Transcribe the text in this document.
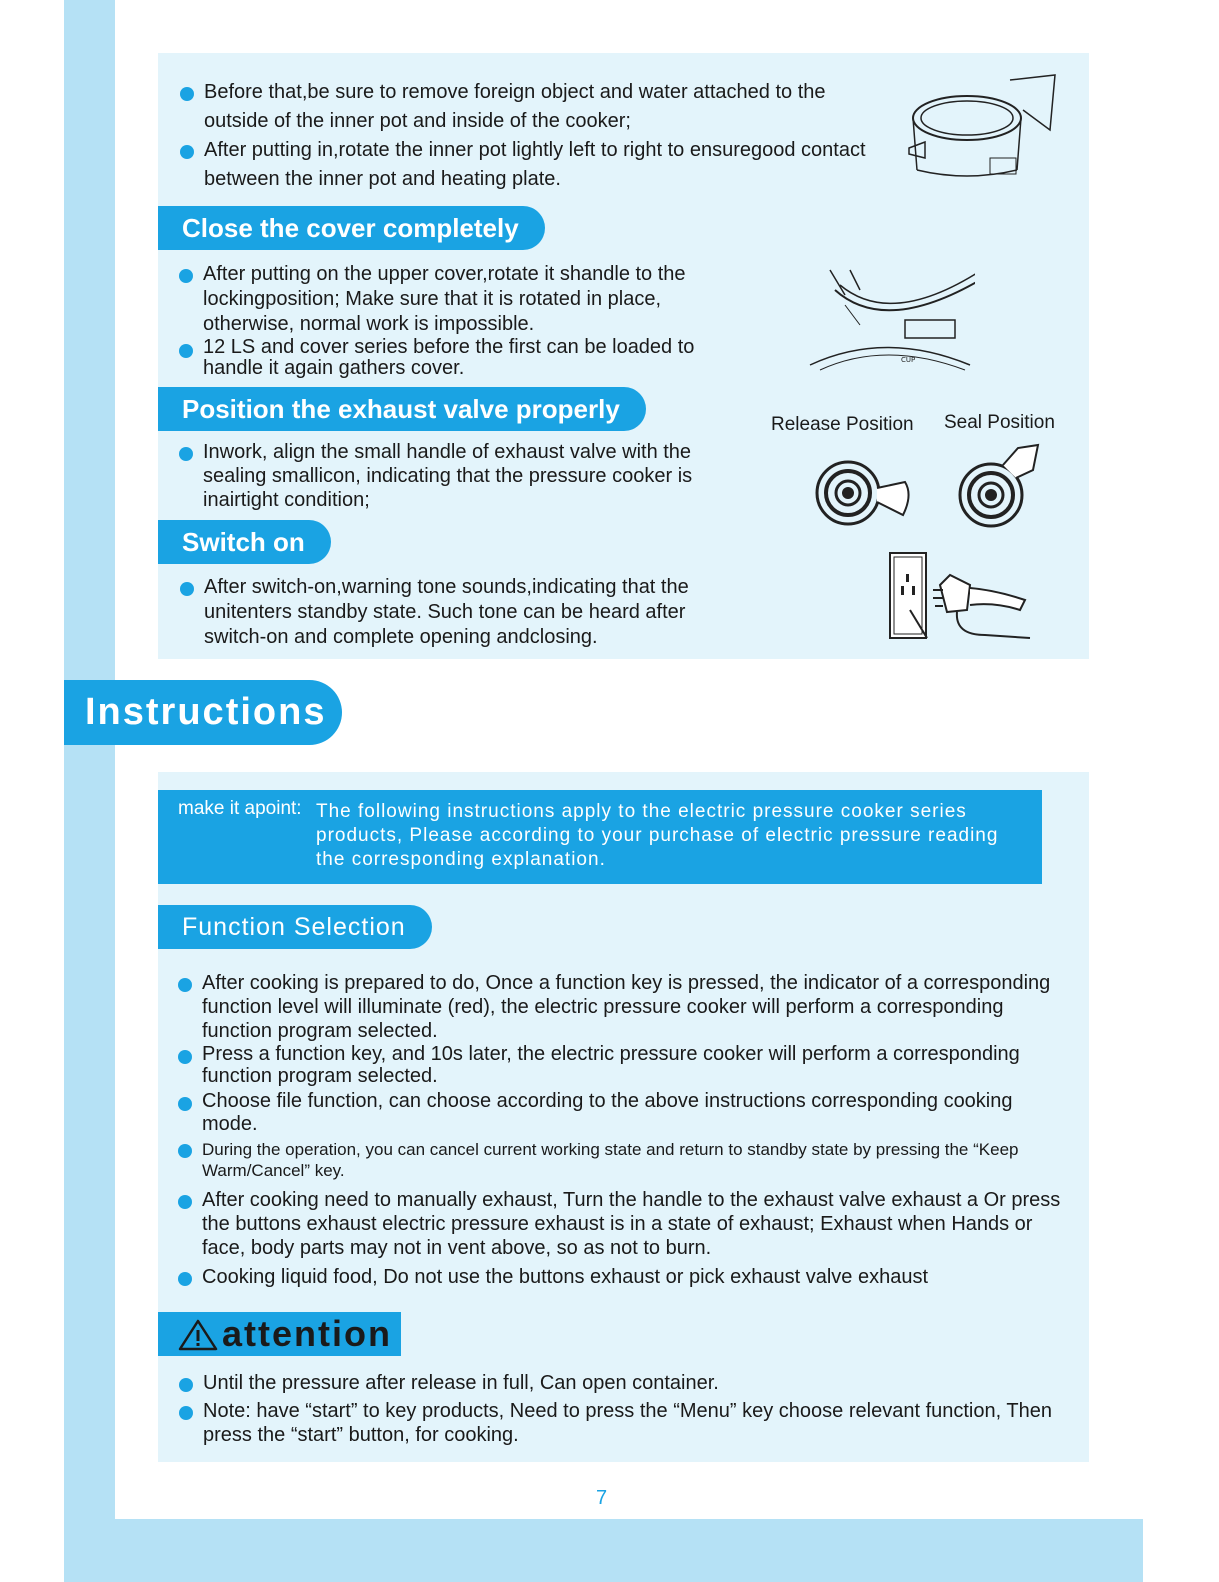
Before that,be sure to remove foreign object and water attached to the outside of the inner pot and inside of the cooker;
After putting in,rotate the inner pot lightly left to right to ensuregood contact between the inner pot and heating plate.
Close the cover completely
After putting on the upper cover,rotate it shandle to the lockingposition; Make sure that it is rotated in place, otherwise, normal work is impossible.
12 LS and cover series before the first can be loaded to handle it again gathers cover.	CUP
Position the exhaust valve properly
Inwork, align the small handle of exhaust valve with the sealing smallicon, indicating that the pressure cooker is inairtight condition;
Release Position Seal Position
Switch on
After switch-on,warning tone sounds,indicating that the unitenters standby state. Such tone can be heard after switch-on and complete opening andclosing.
Instructions
make it apoint: The following instructions apply to the electric pressure cooker series products, Please according to your purchase of electric pressure reading the corresponding explanation.
Function Selection
After cooking is prepared to do, Once a function key is pressed, the indicator of a corresponding function level will illuminate (red), the electric pressure cooker will perform a corresponding function program selected.
Press a function key, and 10s later, the electric pressure cooker will perform a corresponding function program selected.
Choose file function, can choose according to the above instructions corresponding cooking mode.
During the operation, you can cancel current working state and return to standby state by pressing the “Keep Warm/Cancel” key.
After cooking need to manually exhaust, Turn the handle to the exhaust valve exhaust a Or press the buttons exhaust electric pressure exhaust is in a state of exhaust; Exhaust when Hands or face, body parts may not in vent above, so as not to burn.
Cooking liquid food, Do not use the buttons exhaust or pick exhaust valve exhaust
attention
Until the pressure after release in full, Can open container.
Note: have “start” to key products, Need to press the “Menu” key choose relevant function, Then press the “start” button, for cooking.
7
